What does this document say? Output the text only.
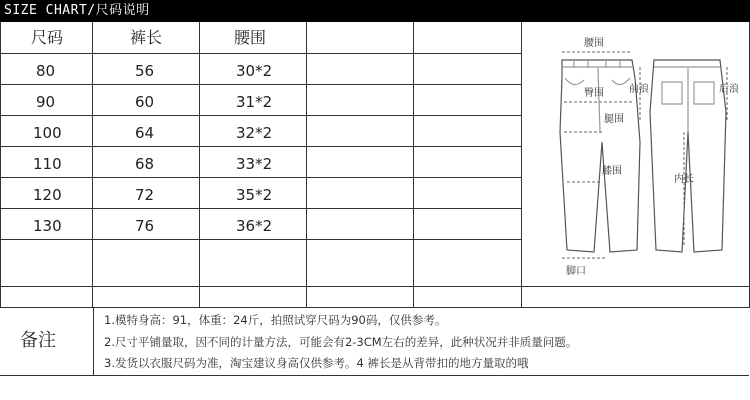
SIZE CHART/尺码说明
尺码	裤长	腰围
80	56	30*2
90	60	31*2
100	64	32*2
110	68	33*2
120	72	35*2
130	76	36*2
腰围
臀围	前浪	后浪
腿围
膝围
内长
脚口
备注
1.模特身高：91，体重：24斤，拍照试穿尺码为90码，仅供参考。
2.尺寸平铺量取，因不同的计量方法，可能会有2-3CM左右的差异，此种状况并非质量问题。
3.发货以衣服尺码为准，淘宝建议身高仅供参考。4 裤长是从背带扣的地方量取的哦
